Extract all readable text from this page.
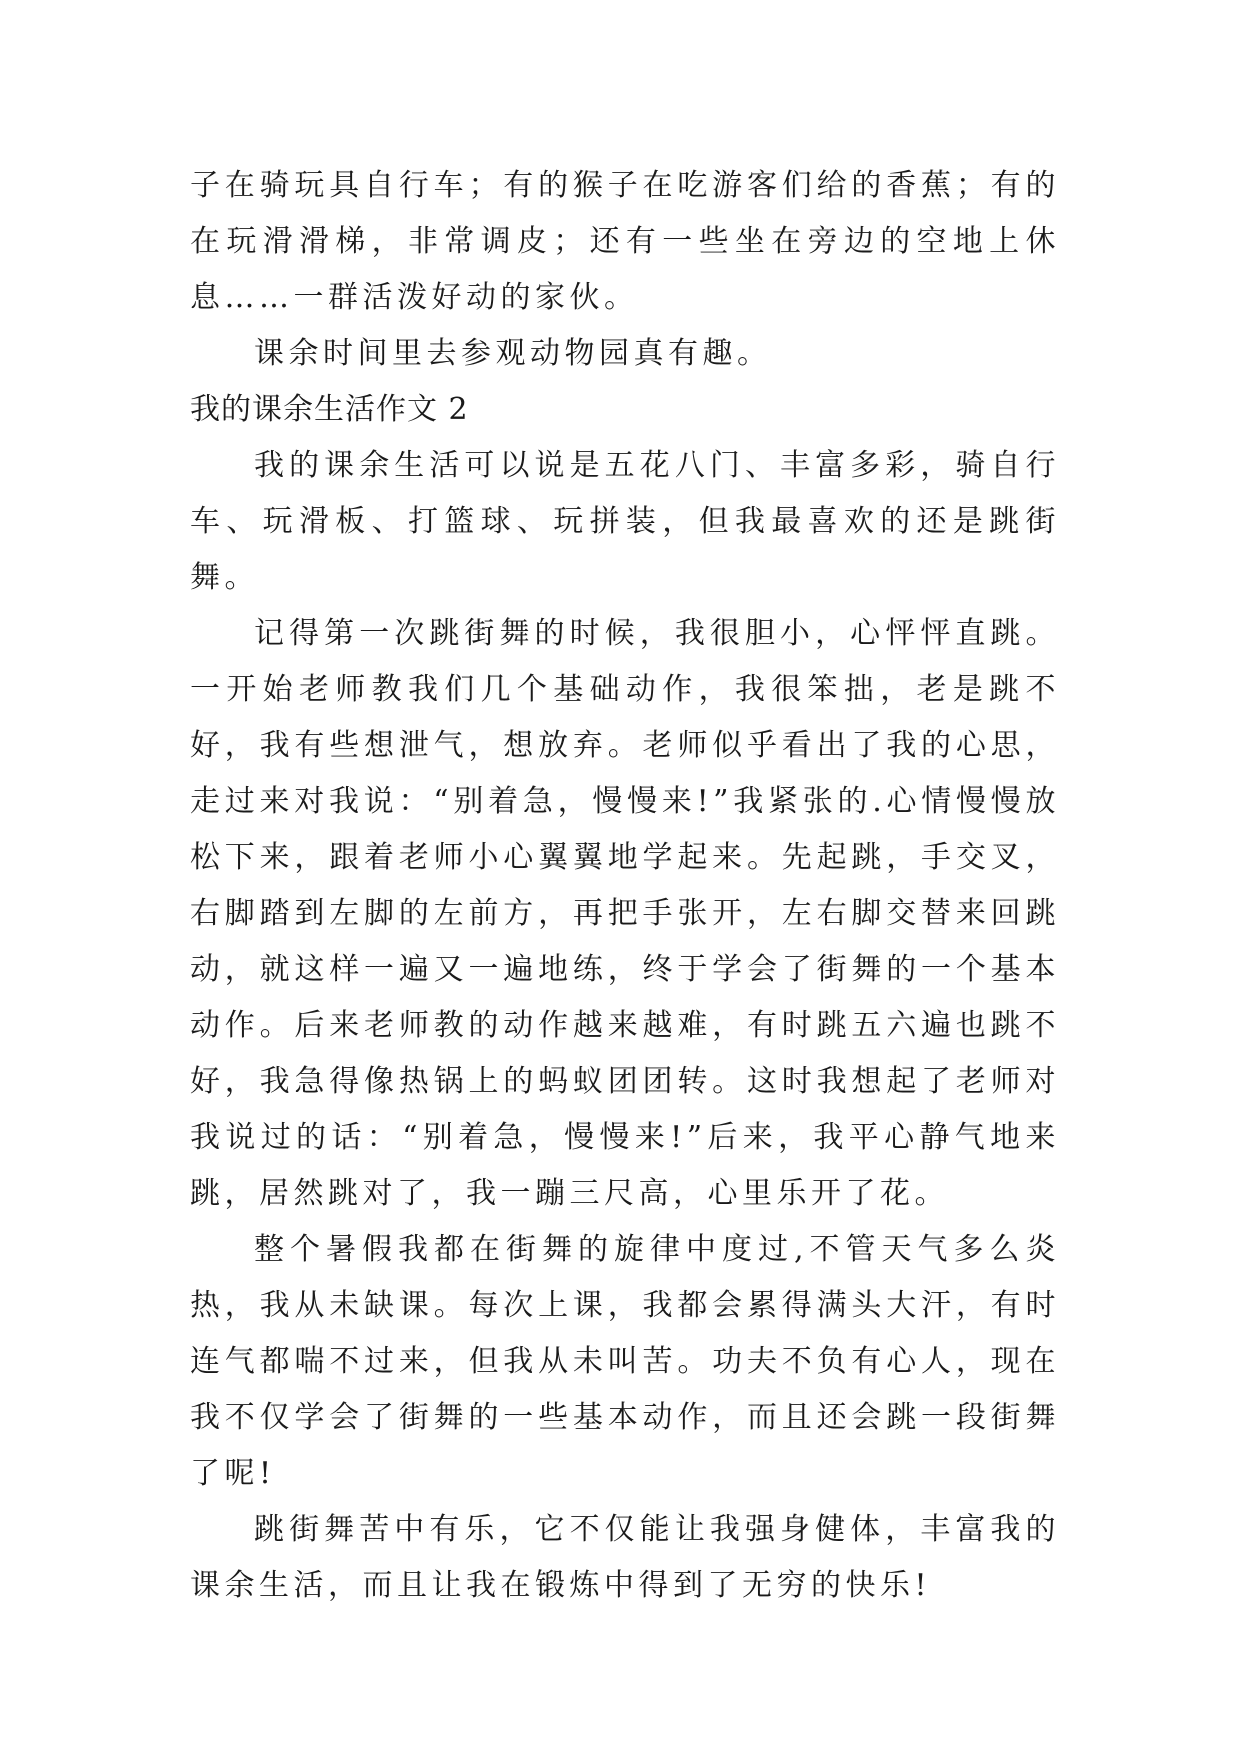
子在骑玩具自行车；有的猴子在吃游客们给的香蕉；有的在玩滑滑梯，非常调皮；还有一些坐在旁边的空地上休息……一群活泼好动的家伙。

课余时间里去参观动物园真有趣。

我的课余生活作文 2

我的课余生活可以说是五花八门、丰富多彩，骑自行车、玩滑板、打篮球、玩拼装，但我最喜欢的还是跳街舞。

记得第一次跳街舞的时候，我很胆小，心怦怦直跳。一开始老师教我们几个基础动作，我很笨拙，老是跳不好，我有些想泄气，想放弃。老师似乎看出了我的心思，走过来对我说：“别着急，慢慢来!”我紧张的.心情慢慢放松下来，跟着老师小心翼翼地学起来。先起跳，手交叉，右脚踏到左脚的左前方，再把手张开，左右脚交替来回跳动，就这样一遍又一遍地练，终于学会了街舞的一个基本动作。后来老师教的动作越来越难，有时跳五六遍也跳不好，我急得像热锅上的蚂蚁团团转。这时我想起了老师对我说过的话：“别着急，慢慢来!”后来，我平心静气地来跳，居然跳对了，我一蹦三尺高，心里乐开了花。

整个暑假我都在街舞的旋律中度过,不管天气多么炎热，我从未缺课。每次上课，我都会累得满头大汗，有时连气都喘不过来，但我从未叫苦。功夫不负有心人，现在我不仅学会了街舞的一些基本动作，而且还会跳一段街舞了呢!

跳街舞苦中有乐，它不仅能让我强身健体，丰富我的课余生活，而且让我在锻炼中得到了无穷的快乐!
